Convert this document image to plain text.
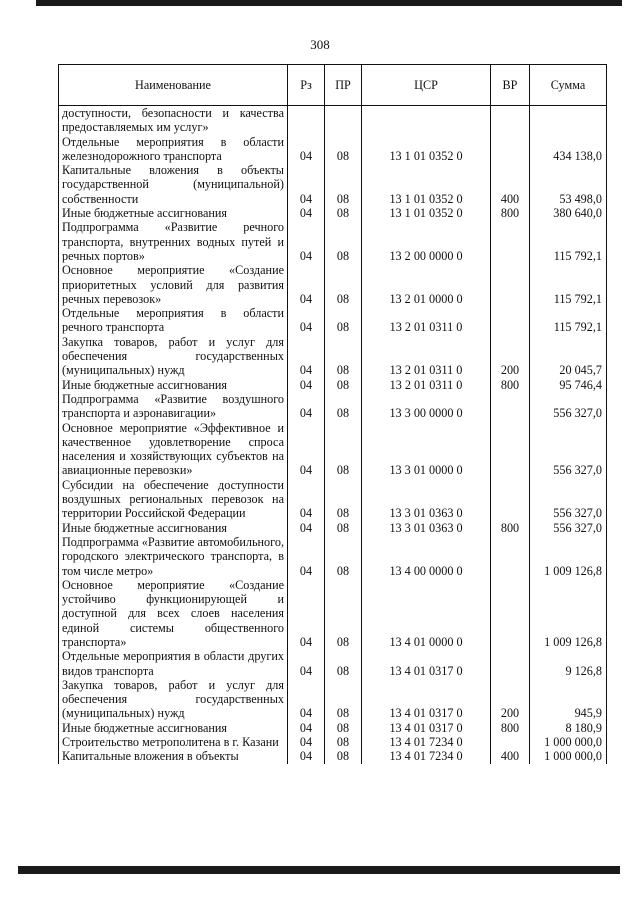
308
Наименование	Рз	ПР	ЦСР	ВР	Сумма
доступности, безопасности и качества предоставляемых им услуг»					
Отдельные мероприятия в области железнодорожного транспорта	04	08	13 1 01 0352 0		434 138,0
Капитальные вложения в объекты государственной (муниципальной) собственности	04	08	13 1 01 0352 0	400	53 498,0
Иные бюджетные ассигнования	04	08	13 1 01 0352 0	800	380 640,0
Подпрограмма «Развитие речного транспорта, внутренних водных путей и речных портов»	04	08	13 2 00 0000 0		115 792,1
Основное мероприятие «Создание приоритетных условий для развития речных перевозок»	04	08	13 2 01 0000 0		115 792,1
Отдельные мероприятия в области речного транспорта	04	08	13 2 01 0311 0		115 792,1
Закупка товаров, работ и услуг для обеспечения государственных (муниципальных) нужд	04	08	13 2 01 0311 0	200	20 045,7
Иные бюджетные ассигнования	04	08	13 2 01 0311 0	800	95 746,4
Подпрограмма «Развитие воздушного транспорта и аэронавигации»	04	08	13 3 00 0000 0		556 327,0
Основное мероприятие «Эффективное и качественное удовлетворение спроса населения и хозяйствующих субъектов на авиационные перевозки»	04	08	13 3 01 0000 0		556 327,0
Субсидии на обеспечение доступности воздушных региональных перевозок на территории Российской Федерации	04	08	13 3 01 0363 0		556 327,0
Иные бюджетные ассигнования	04	08	13 3 01 0363 0	800	556 327,0
Подпрограмма «Развитие автомобильного, городского электрического транспорта, в том числе метро»	04	08	13 4 00 0000 0		1 009 126,8
Основное мероприятие «Создание устойчиво функционирующей и доступной для всех слоев населения единой системы общественного транспорта»	04	08	13 4 01 0000 0		1 009 126,8
Отдельные мероприятия в области других видов транспорта	04	08	13 4 01 0317 0		9 126,8
Закупка товаров, работ и услуг для обеспечения государственных (муниципальных) нужд	04	08	13 4 01 0317 0	200	945,9
Иные бюджетные ассигнования	04	08	13 4 01 0317 0	800	8 180,9
Строительство метрополитена в г. Казани	04	08	13 4 01 7234 0		1 000 000,0
Капитальные вложения в объекты	04	08	13 4 01 7234 0	400	1 000 000,0
